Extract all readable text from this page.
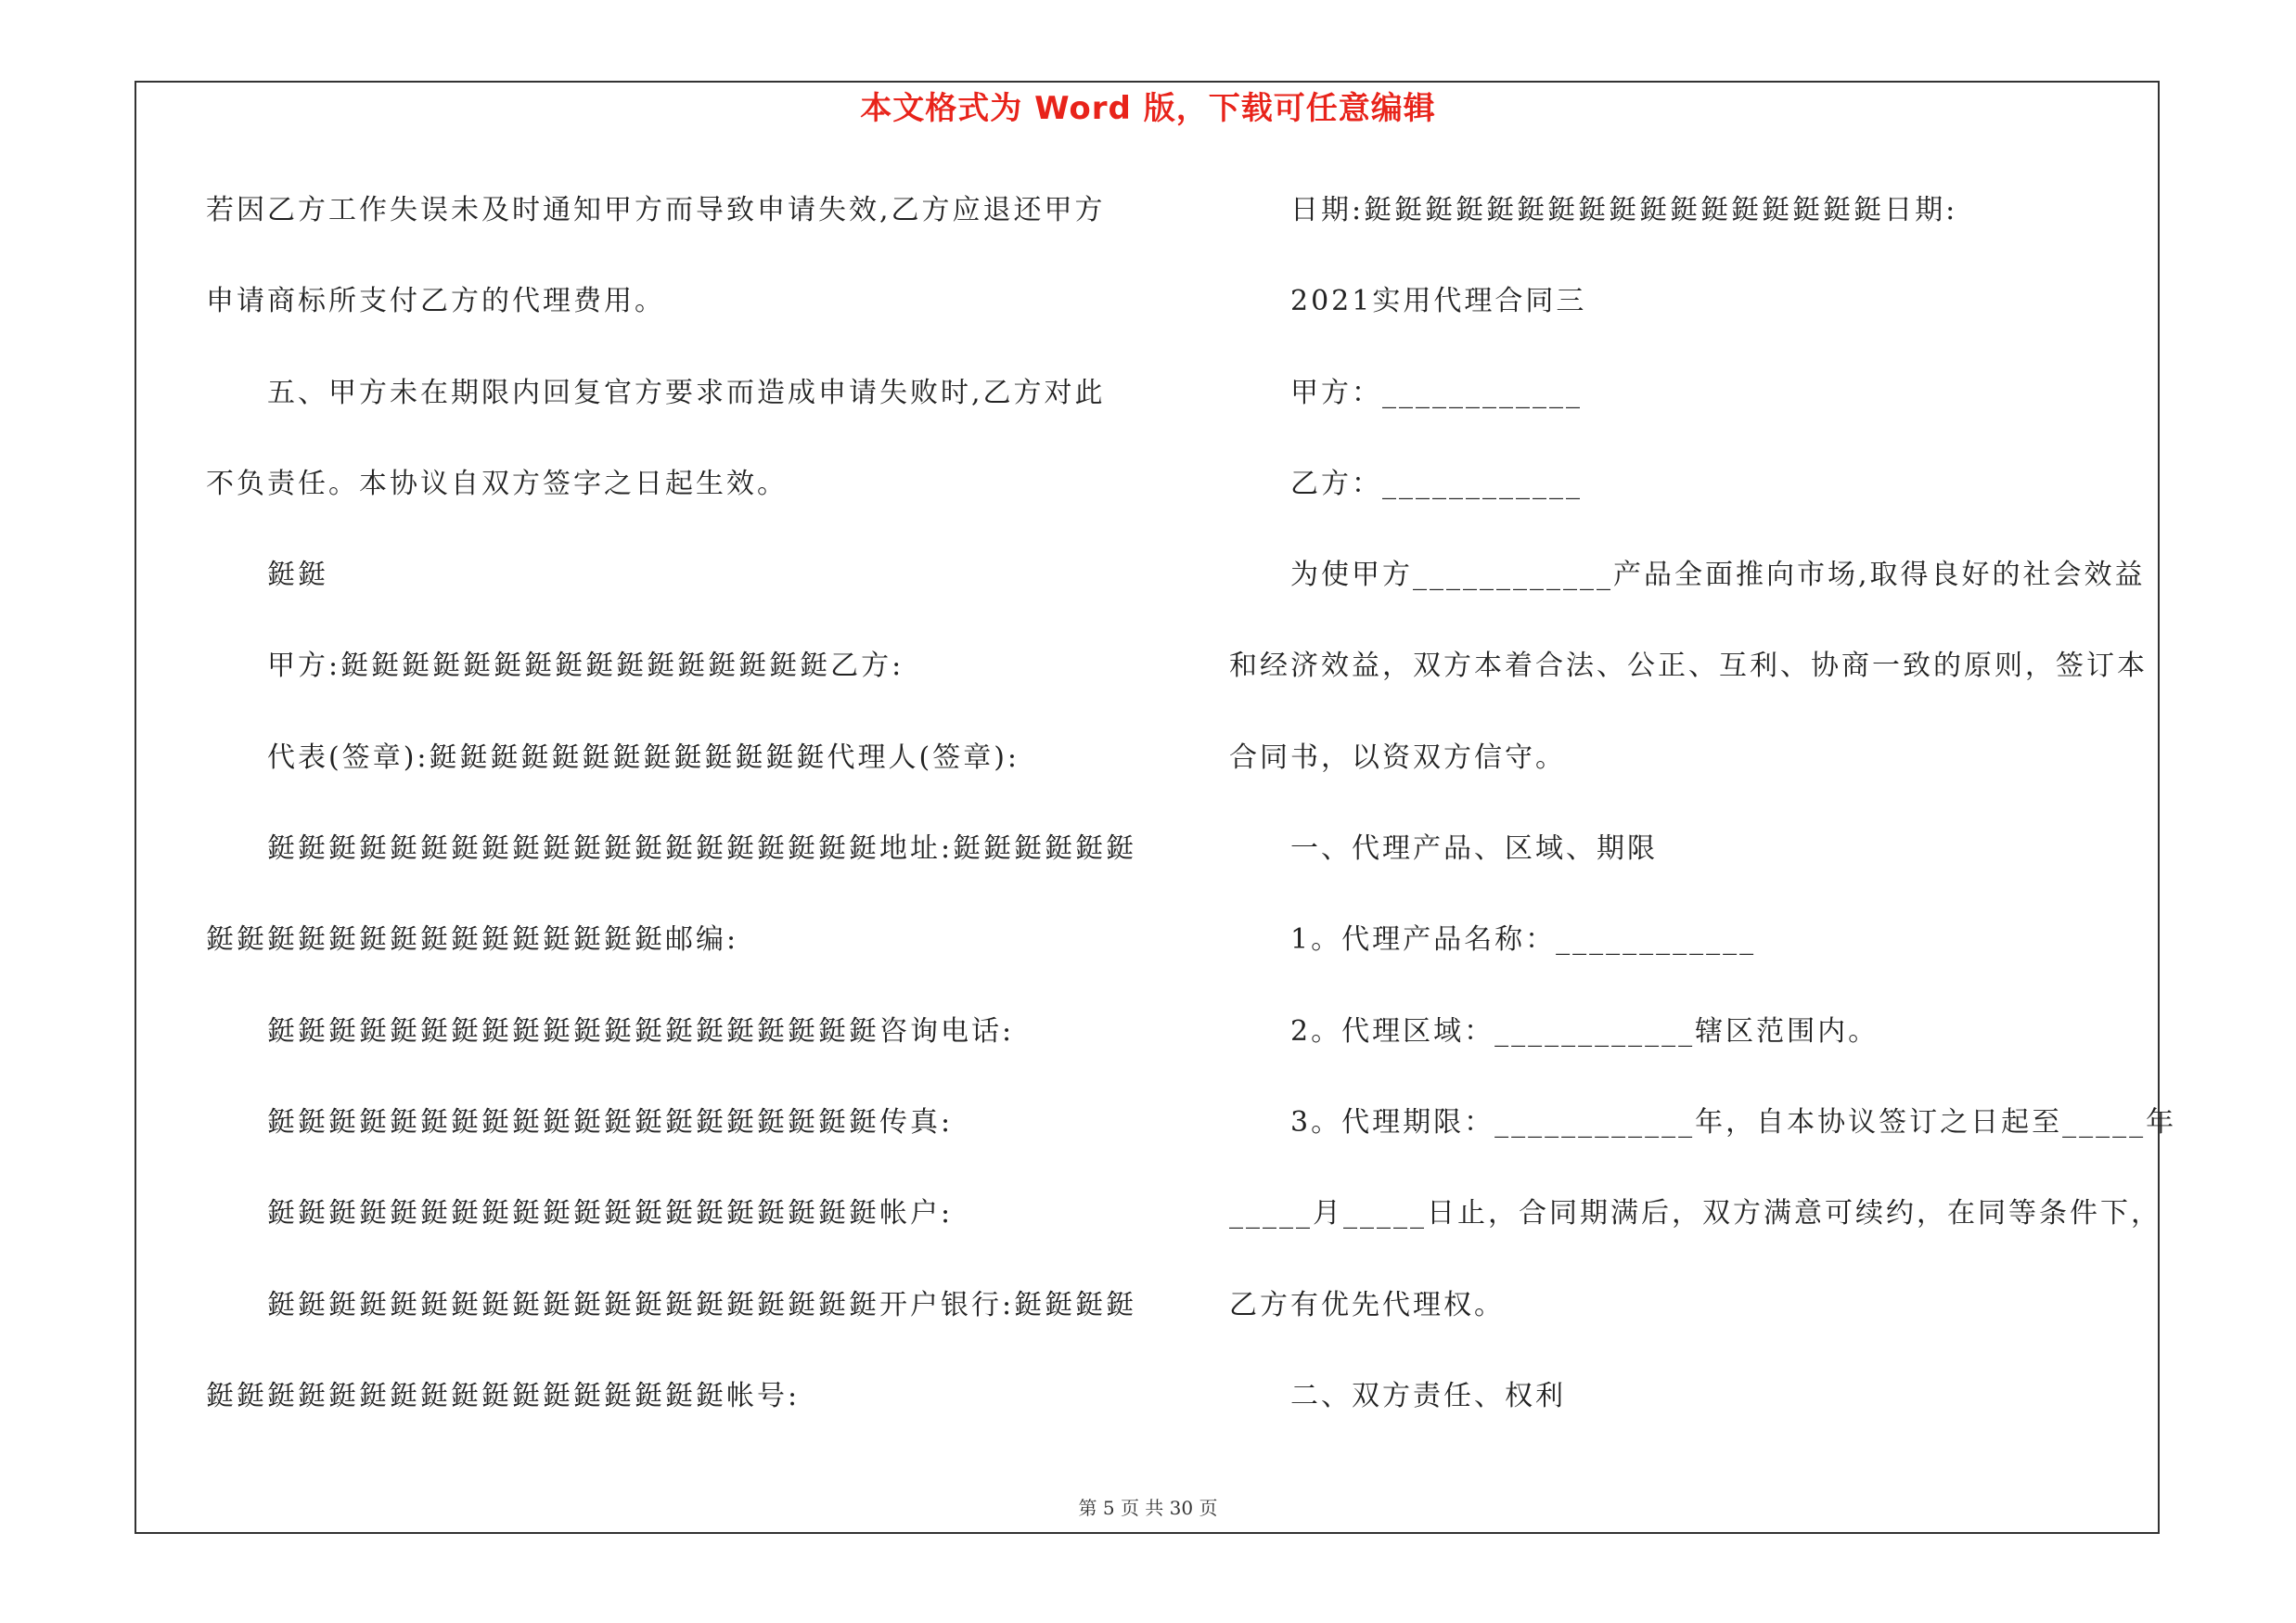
本文格式为 Word 版，下载可任意编辑
若因乙方工作失误未及时通知甲方而导致申请失效,乙方应退还甲方
申请商标所支付乙方的代理费用。
五、甲方未在期限内回复官方要求而造成申请失败时,乙方对此
不负责任。本协议自双方签字之日起生效。
鋌鋌
甲方:鋌鋌鋌鋌鋌鋌鋌鋌鋌鋌鋌鋌鋌鋌鋌鋌乙方:
代表(签章):鋌鋌鋌鋌鋌鋌鋌鋌鋌鋌鋌鋌鋌代理人(签章):
鋌鋌鋌鋌鋌鋌鋌鋌鋌鋌鋌鋌鋌鋌鋌鋌鋌鋌鋌鋌地址:鋌鋌鋌鋌鋌鋌
鋌鋌鋌鋌鋌鋌鋌鋌鋌鋌鋌鋌鋌鋌鋌邮编:
鋌鋌鋌鋌鋌鋌鋌鋌鋌鋌鋌鋌鋌鋌鋌鋌鋌鋌鋌鋌咨询电话:
鋌鋌鋌鋌鋌鋌鋌鋌鋌鋌鋌鋌鋌鋌鋌鋌鋌鋌鋌鋌传真:
鋌鋌鋌鋌鋌鋌鋌鋌鋌鋌鋌鋌鋌鋌鋌鋌鋌鋌鋌鋌帐户:
鋌鋌鋌鋌鋌鋌鋌鋌鋌鋌鋌鋌鋌鋌鋌鋌鋌鋌鋌鋌开户银行:鋌鋌鋌鋌
鋌鋌鋌鋌鋌鋌鋌鋌鋌鋌鋌鋌鋌鋌鋌鋌鋌帐号:
日期:鋌鋌鋌鋌鋌鋌鋌鋌鋌鋌鋌鋌鋌鋌鋌鋌鋌日期:
2021实用代理合同三
甲方：____________
乙方：____________
为使甲方____________产品全面推向市场,取得良好的社会效益
和经济效益，双方本着合法、公正、互利、协商一致的原则，签订本
合同书，以资双方信守。
一、代理产品、区域、期限
1。代理产品名称：____________
2。代理区域：____________辖区范围内。
3。代理期限：____________年，自本协议签订之日起至_____年
_____月_____日止，合同期满后，双方满意可续约，在同等条件下，
乙方有优先代理权。
二、双方责任、权利
第 5 页 共 30 页
